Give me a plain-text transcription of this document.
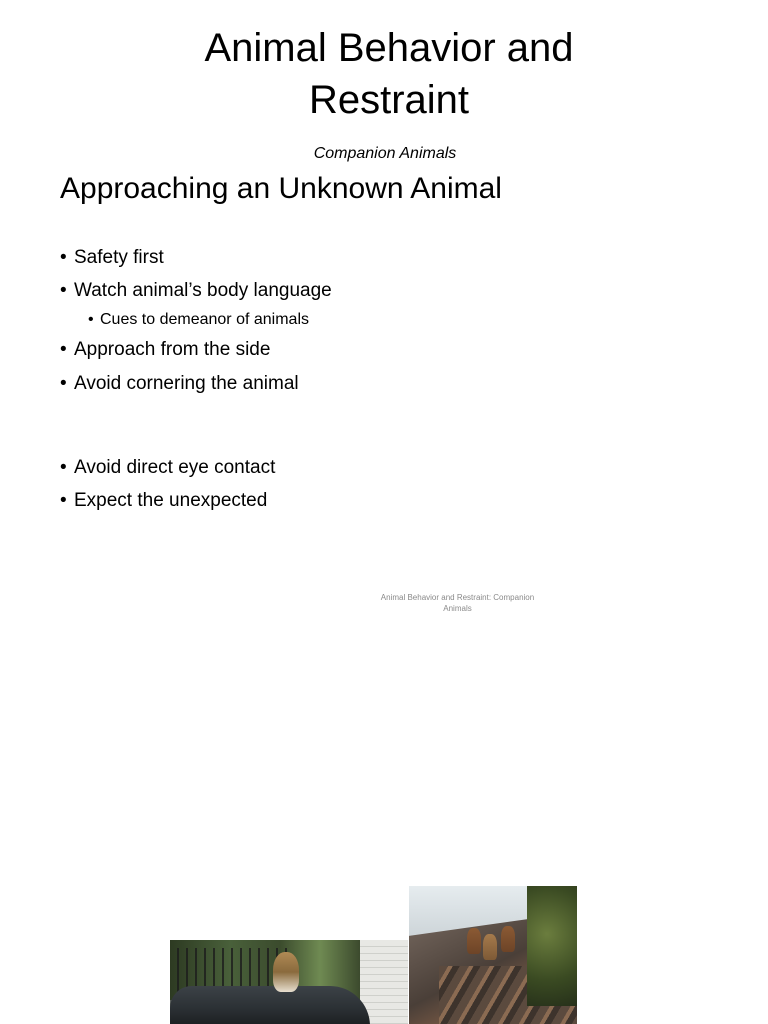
Animal Behavior and
Restraint
Companion Animals
Approaching an Unknown Animal
• Safety first
• Watch animal’s body language
• Cues to demeanor of animals
• Approach from the side
• Avoid cornering the animal
• Avoid direct eye contact
• Expect the unexpected
Animal Behavior and Restraint: Companion
Animals
